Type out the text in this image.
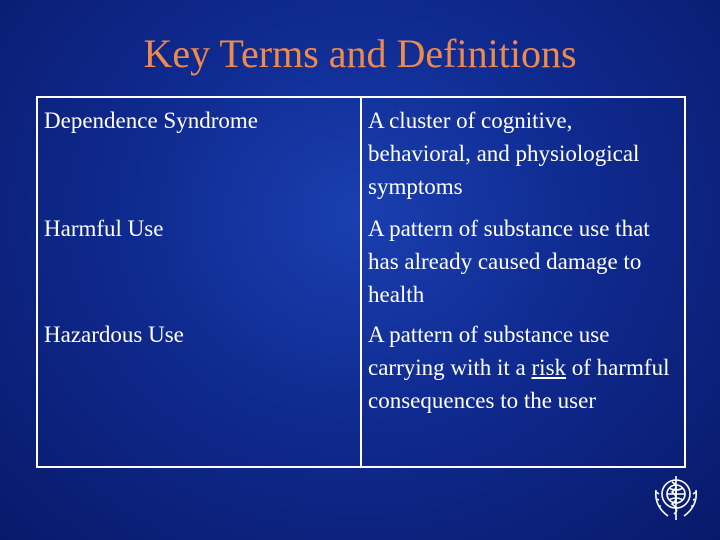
Key Terms and Definitions
Dependence Syndrome	A cluster of cognitive, behavioral, and physiological symptoms
Harmful Use	A pattern of substance use that has already caused damage to health
Hazardous Use	A pattern of substance use carrying with it a risk of harmful consequences to the user
